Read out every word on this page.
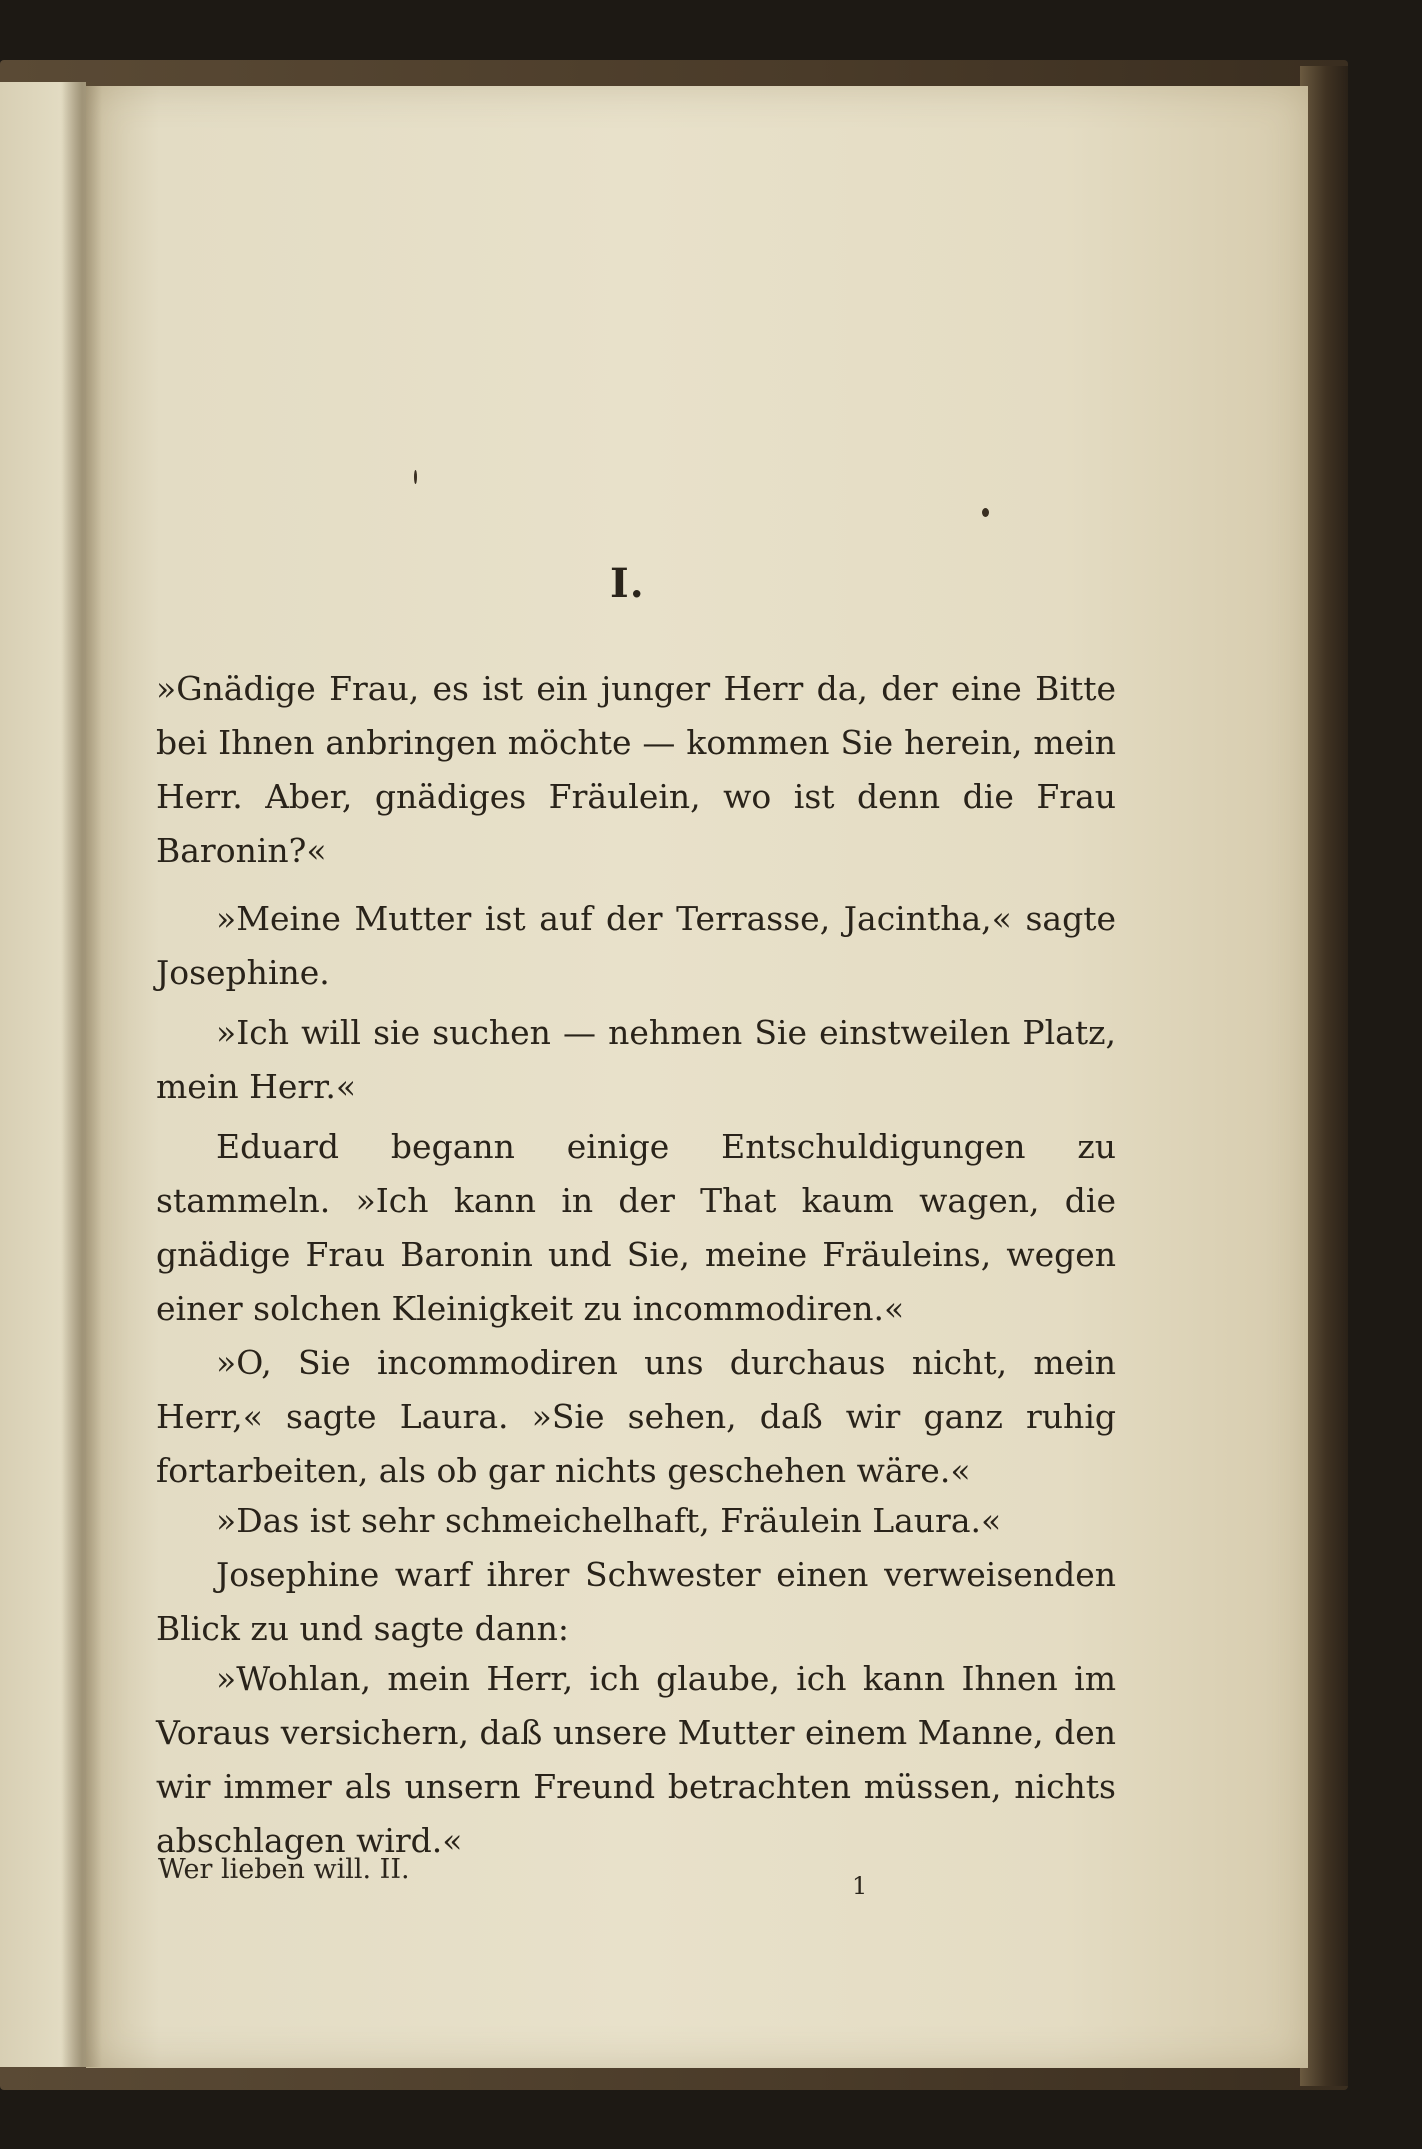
I.

»Gnädige Frau, es ist ein junger Herr da, der eine Bitte bei Ihnen anbringen möchte — kommen Sie herein, mein Herr. Aber, gnädiges Fräulein, wo ist denn die Frau Baronin?«

»Meine Mutter ist auf der Terrasse, Jacintha,« sagte Josephine.

»Ich will sie suchen — nehmen Sie einstweilen Platz, mein Herr.«

Eduard begann einige Entschuldigungen zu stammeln. »Ich kann in der That kaum wagen, die gnädige Frau Baronin und Sie, meine Fräuleins, wegen einer solchen Kleinigkeit zu incommodiren.«

»O, Sie incommodiren uns durchaus nicht, mein Herr,« sagte Laura. »Sie sehen, daß wir ganz ruhig fortarbeiten, als ob gar nichts geschehen wäre.«

»Das ist sehr schmeichelhaft, Fräulein Laura.«

Josephine warf ihrer Schwester einen verweisenden Blick zu und sagte dann:

»Wohlan, mein Herr, ich glaube, ich kann Ihnen im Voraus versichern, daß unsere Mutter einem Manne, den wir immer als unsern Freund betrachten müssen, nichts abschlagen wird.«

Wer lieben will. II.
1
